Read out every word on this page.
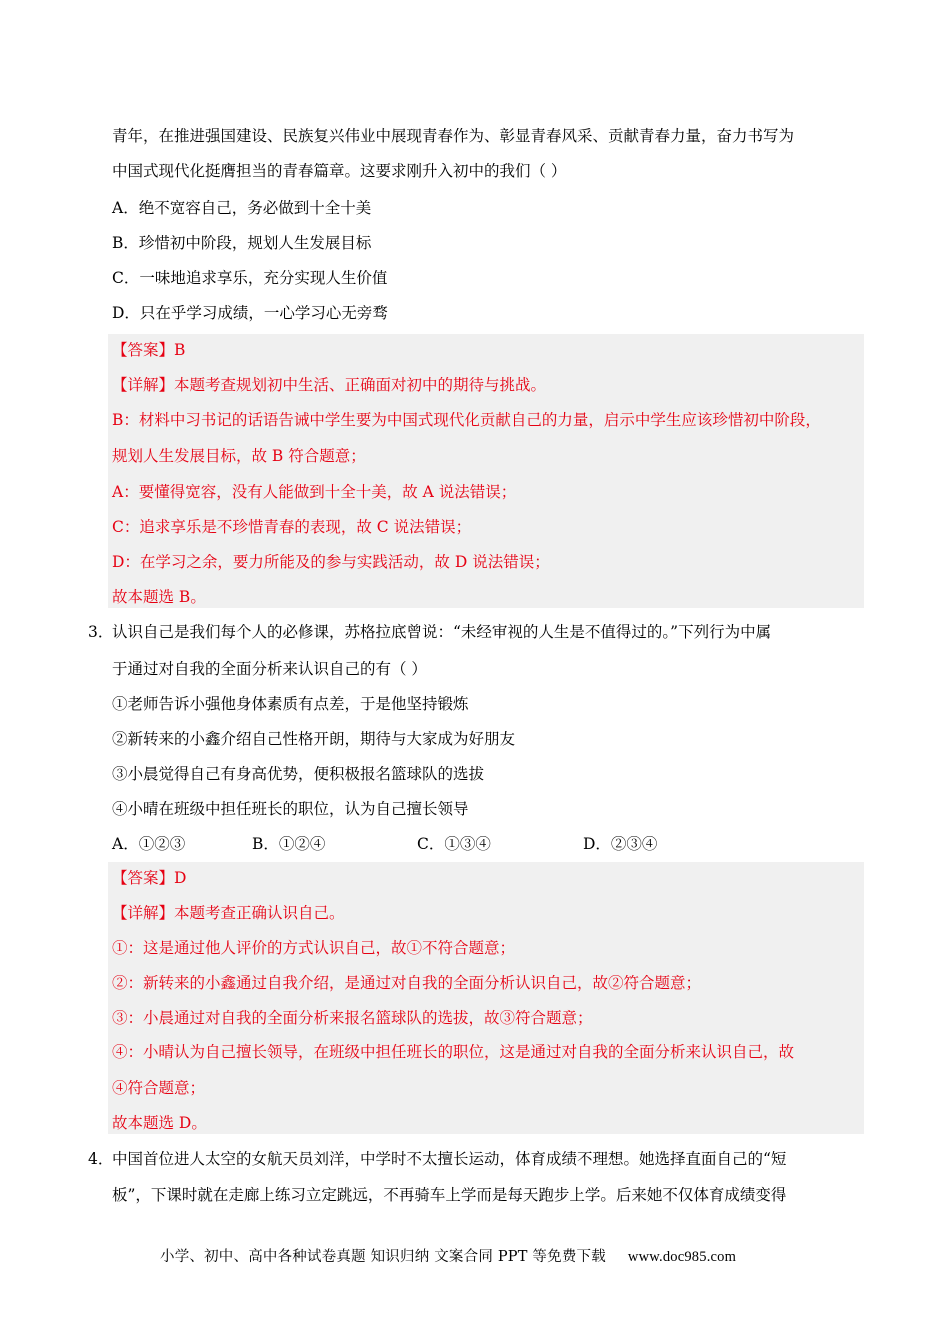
青年，在推进强国建设、民族复兴伟业中展现青春作为、彰显青春风采、贡献青春力量，奋力书写为
中国式现代化挺膺担当的青春篇章。这要求刚升入初中的我们（ ）
A．绝不宽容自己，务必做到十全十美
B．珍惜初中阶段，规划人生发展目标
C．一味地追求享乐，充分实现人生价值
D．只在乎学习成绩，一心学习心无旁骛
【答案】B
【详解】本题考查规划初中生活、正确面对初中的期待与挑战。
B：材料中习书记的话语告诫中学生要为中国式现代化贡献自己的力量，启示中学生应该珍惜初中阶段，
规划人生发展目标，故 B 符合题意；
A：要懂得宽容，没有人能做到十全十美，故 A 说法错误；
C：追求享乐是不珍惜青春的表现，故 C 说法错误；
D：在学习之余，要力所能及的参与实践活动，故 D 说法错误；
故本题选 B。
3．
认识自己是我们每个人的必修课，苏格拉底曾说：“未经审视的人生是不值得过的。”下列行为中属
于通过对自我的全面分析来认识自己的有（ ）
①老师告诉小强他身体素质有点差，于是他坚持锻炼
②新转来的小鑫介绍自己性格开朗，期待与大家成为好朋友
③小晨觉得自己有身高优势，便积极报名篮球队的选拔
④小晴在班级中担任班长的职位，认为自己擅长领导
A．①②③	B．①②④	C．①③④	D．②③④
【答案】D
【详解】本题考查正确认识自己。
①：这是通过他人评价的方式认识自己，故①不符合题意；
②：新转来的小鑫通过自我介绍，是通过对自我的全面分析认识自己，故②符合题意；
③：小晨通过对自我的全面分析来报名篮球队的选拔，故③符合题意；
④：小晴认为自己擅长领导，在班级中担任班长的职位，这是通过对自我的全面分析来认识自己，故
④符合题意；
故本题选 D。
4．
中国首位进人太空的女航天员刘洋，中学时不太擅长运动，体育成绩不理想。她选择直面自己的“短
板”，下课时就在走廊上练习立定跳远，不再骑车上学而是每天跑步上学。后来她不仅体育成绩变得
小学、初中、高中各种试卷真题 知识归纳 文案合同 PPT 等免费下载 www.doc985.com
